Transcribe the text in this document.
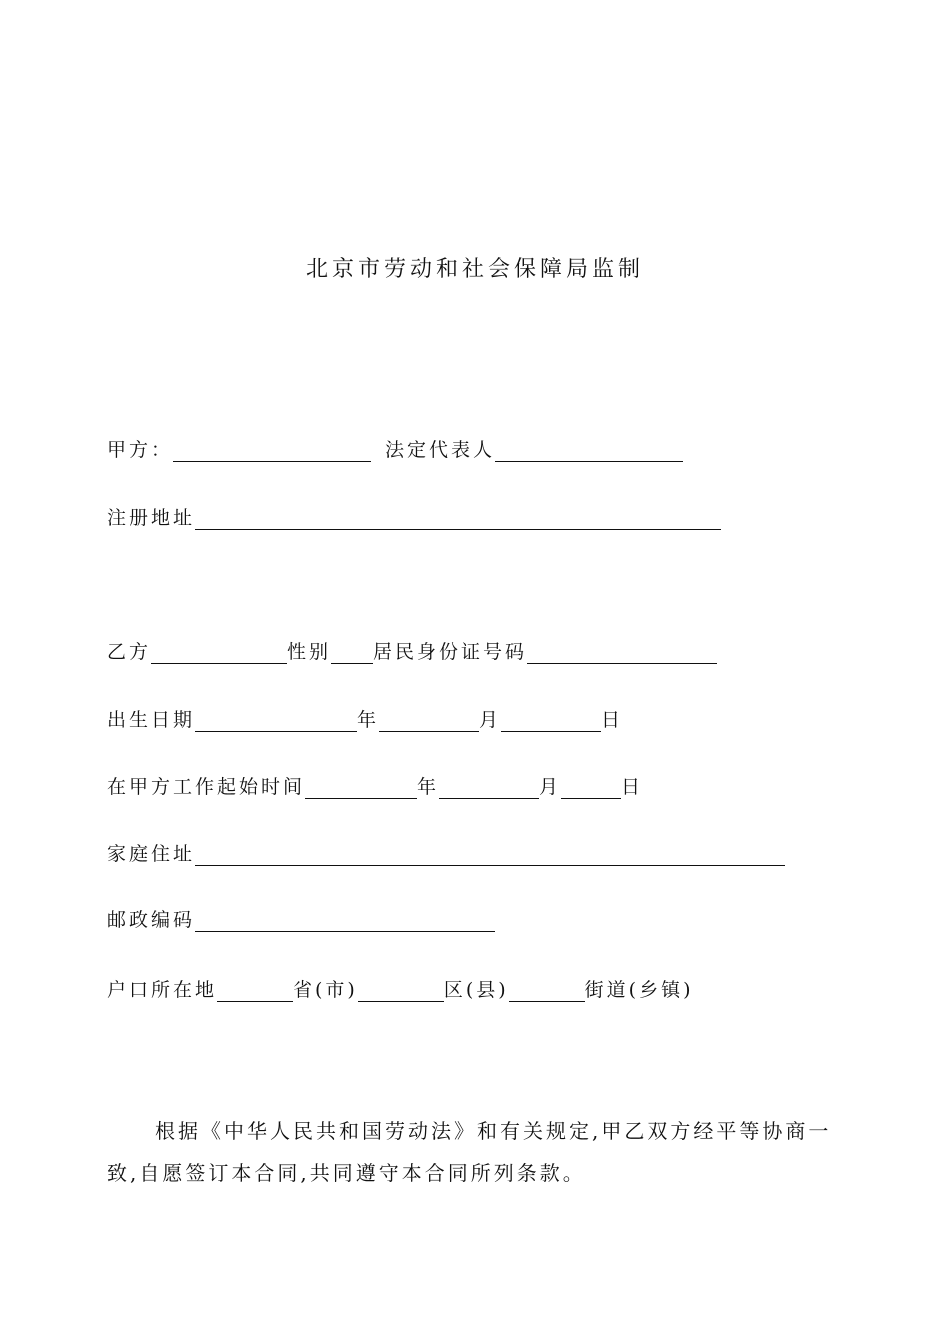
北京市劳动和社会保障局监制
甲方：	法定代表人
注册地址
乙方	性别 居民身份证号码
出生日期	年	月	日
在甲方工作起始时间	年	月	日
家庭住址
邮政编码
户口所在地	省(市)	区(县)	街道(乡镇)
根据《中华人民共和国劳动法》和有关规定,甲乙双方经平等协商一致,自愿签订本合同,共同遵守本合同所列条款。
